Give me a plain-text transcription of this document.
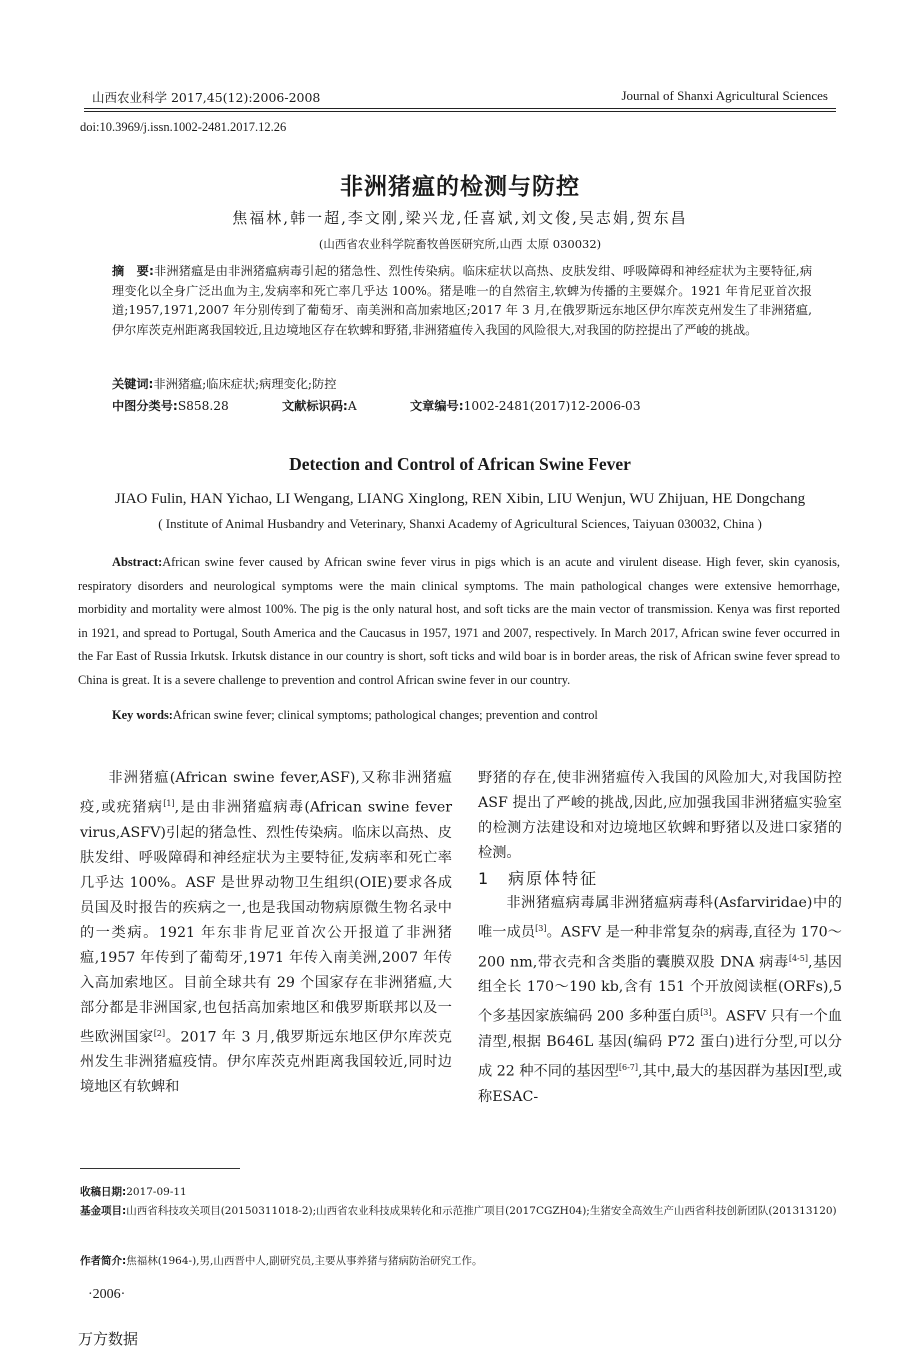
山西农业科学 2017,45(12):2006-2008	Journal of Shanxi Agricultural Sciences
doi:10.3969/j.issn.1002-2481.2017.12.26
非洲猪瘟的检测与防控
焦福林,韩一超,李文刚,梁兴龙,任喜斌,刘文俊,吴志娟,贺东昌
(山西省农业科学院畜牧兽医研究所,山西 太原 030032)
摘　要:非洲猪瘟是由非洲猪瘟病毒引起的猪急性、烈性传染病。临床症状以高热、皮肤发绀、呼吸障碍和神经症状为主要特征,病理变化以全身广泛出血为主,发病率和死亡率几乎达 100%。猪是唯一的自然宿主,软蜱为传播的主要媒介。1921 年肯尼亚首次报道;1957,1971,2007 年分别传到了葡萄牙、南美洲和高加索地区;2017 年 3 月,在俄罗斯远东地区伊尔库茨克州发生了非洲猪瘟,伊尔库茨克州距离我国较近,且边境地区存在软蜱和野猪,非洲猪瘟传入我国的风险很大,对我国的防控提出了严峻的挑战。
关键词:非洲猪瘟;临床症状;病理变化;防控
中图分类号:S858.28	文献标识码:A	文章编号:1002-2481(2017)12-2006-03
Detection and Control of African Swine Fever
JIAO Fulin, HAN Yichao, LI Wengang, LIANG Xinglong, REN Xibin, LIU Wenjun, WU Zhijuan, HE Dongchang
( Institute of Animal Husbandry and Veterinary, Shanxi Academy of Agricultural Sciences, Taiyuan 030032, China )
Abstract:African swine fever caused by African swine fever virus in pigs which is an acute and virulent disease. High fever, skin cyanosis, respiratory disorders and neurological symptoms were the main clinical symptoms. The main pathological changes were extensive hemorrhage, morbidity and mortality were almost 100%. The pig is the only natural host, and soft ticks are the main vector of transmission. Kenya was first reported in 1921, and spread to Portugal, South America and the Caucasus in 1957, 1971 and 2007, respectively. In March 2017, African swine fever occurred in the Far East of Russia Irkutsk. Irkutsk distance in our country is short, soft ticks and wild boar is in border areas, the risk of African swine fever spread to China is great. It is a severe challenge to prevention and control African swine fever in our country.
Key words:African swine fever; clinical symptoms; pathological changes; prevention and control

非洲猪瘟(African swine fever,ASF),又称非洲猪瘟疫,或疣猪病[1],是由非洲猪瘟病毒(African swine fever virus,ASFV)引起的猪急性、烈性传染病。临床以高热、皮肤发绀、呼吸障碍和神经症状为主要特征,发病率和死亡率几乎达 100%。ASF 是世界动物卫生组织(OIE)要求各成员国及时报告的疾病之一,也是我国动物病原微生物名录中的一类病。1921 年东非肯尼亚首次公开报道了非洲猪瘟,1957 年传到了葡萄牙,1971 年传入南美洲,2007 年传入高加索地区。目前全球共有 29 个国家存在非洲猪瘟,大部分都是非洲国家,也包括高加索地区和俄罗斯联邦以及一些欧洲国家[2]。2017 年 3 月,俄罗斯远东地区伊尔库茨克州发生非洲猪瘟疫情。伊尔库茨克州距离我国较近,同时边境地区有软蜱和

野猪的存在,使非洲猪瘟传入我国的风险加大,对我国防控 ASF 提出了严峻的挑战,因此,应加强我国非洲猪瘟实验室的检测方法建设和对边境地区软蜱和野猪以及进口家猪的检测。

1　病原体特征

非洲猪瘟病毒属非洲猪瘟病毒科(Asfarviridae)中的唯一成员[3]。ASFV 是一种非常复杂的病毒,直径为 170～200 nm,带衣壳和含类脂的囊膜双股 DNA 病毒[4-5],基因组全长 170～190 kb,含有 151 个开放阅读框(ORFs),5 个多基因家族编码 200 多种蛋白质[3]。ASFV 只有一个血清型,根据 B646L 基因(编码 P72 蛋白)进行分型,可以分成 22 种不同的基因型[6-7],其中,最大的基因群为基因Ⅰ型,或称ESAC-

收稿日期:2017-09-11
基金项目:山西省科技攻关项目(20150311018-2);山西省农业科技成果转化和示范推广项目(2017CGZH04);生猪安全高效生产山西省科技创新团队(201313120)
作者简介:焦福林(1964-),男,山西晋中人,副研究员,主要从事养猪与猪病防治研究工作。
·2006·
万方数据
